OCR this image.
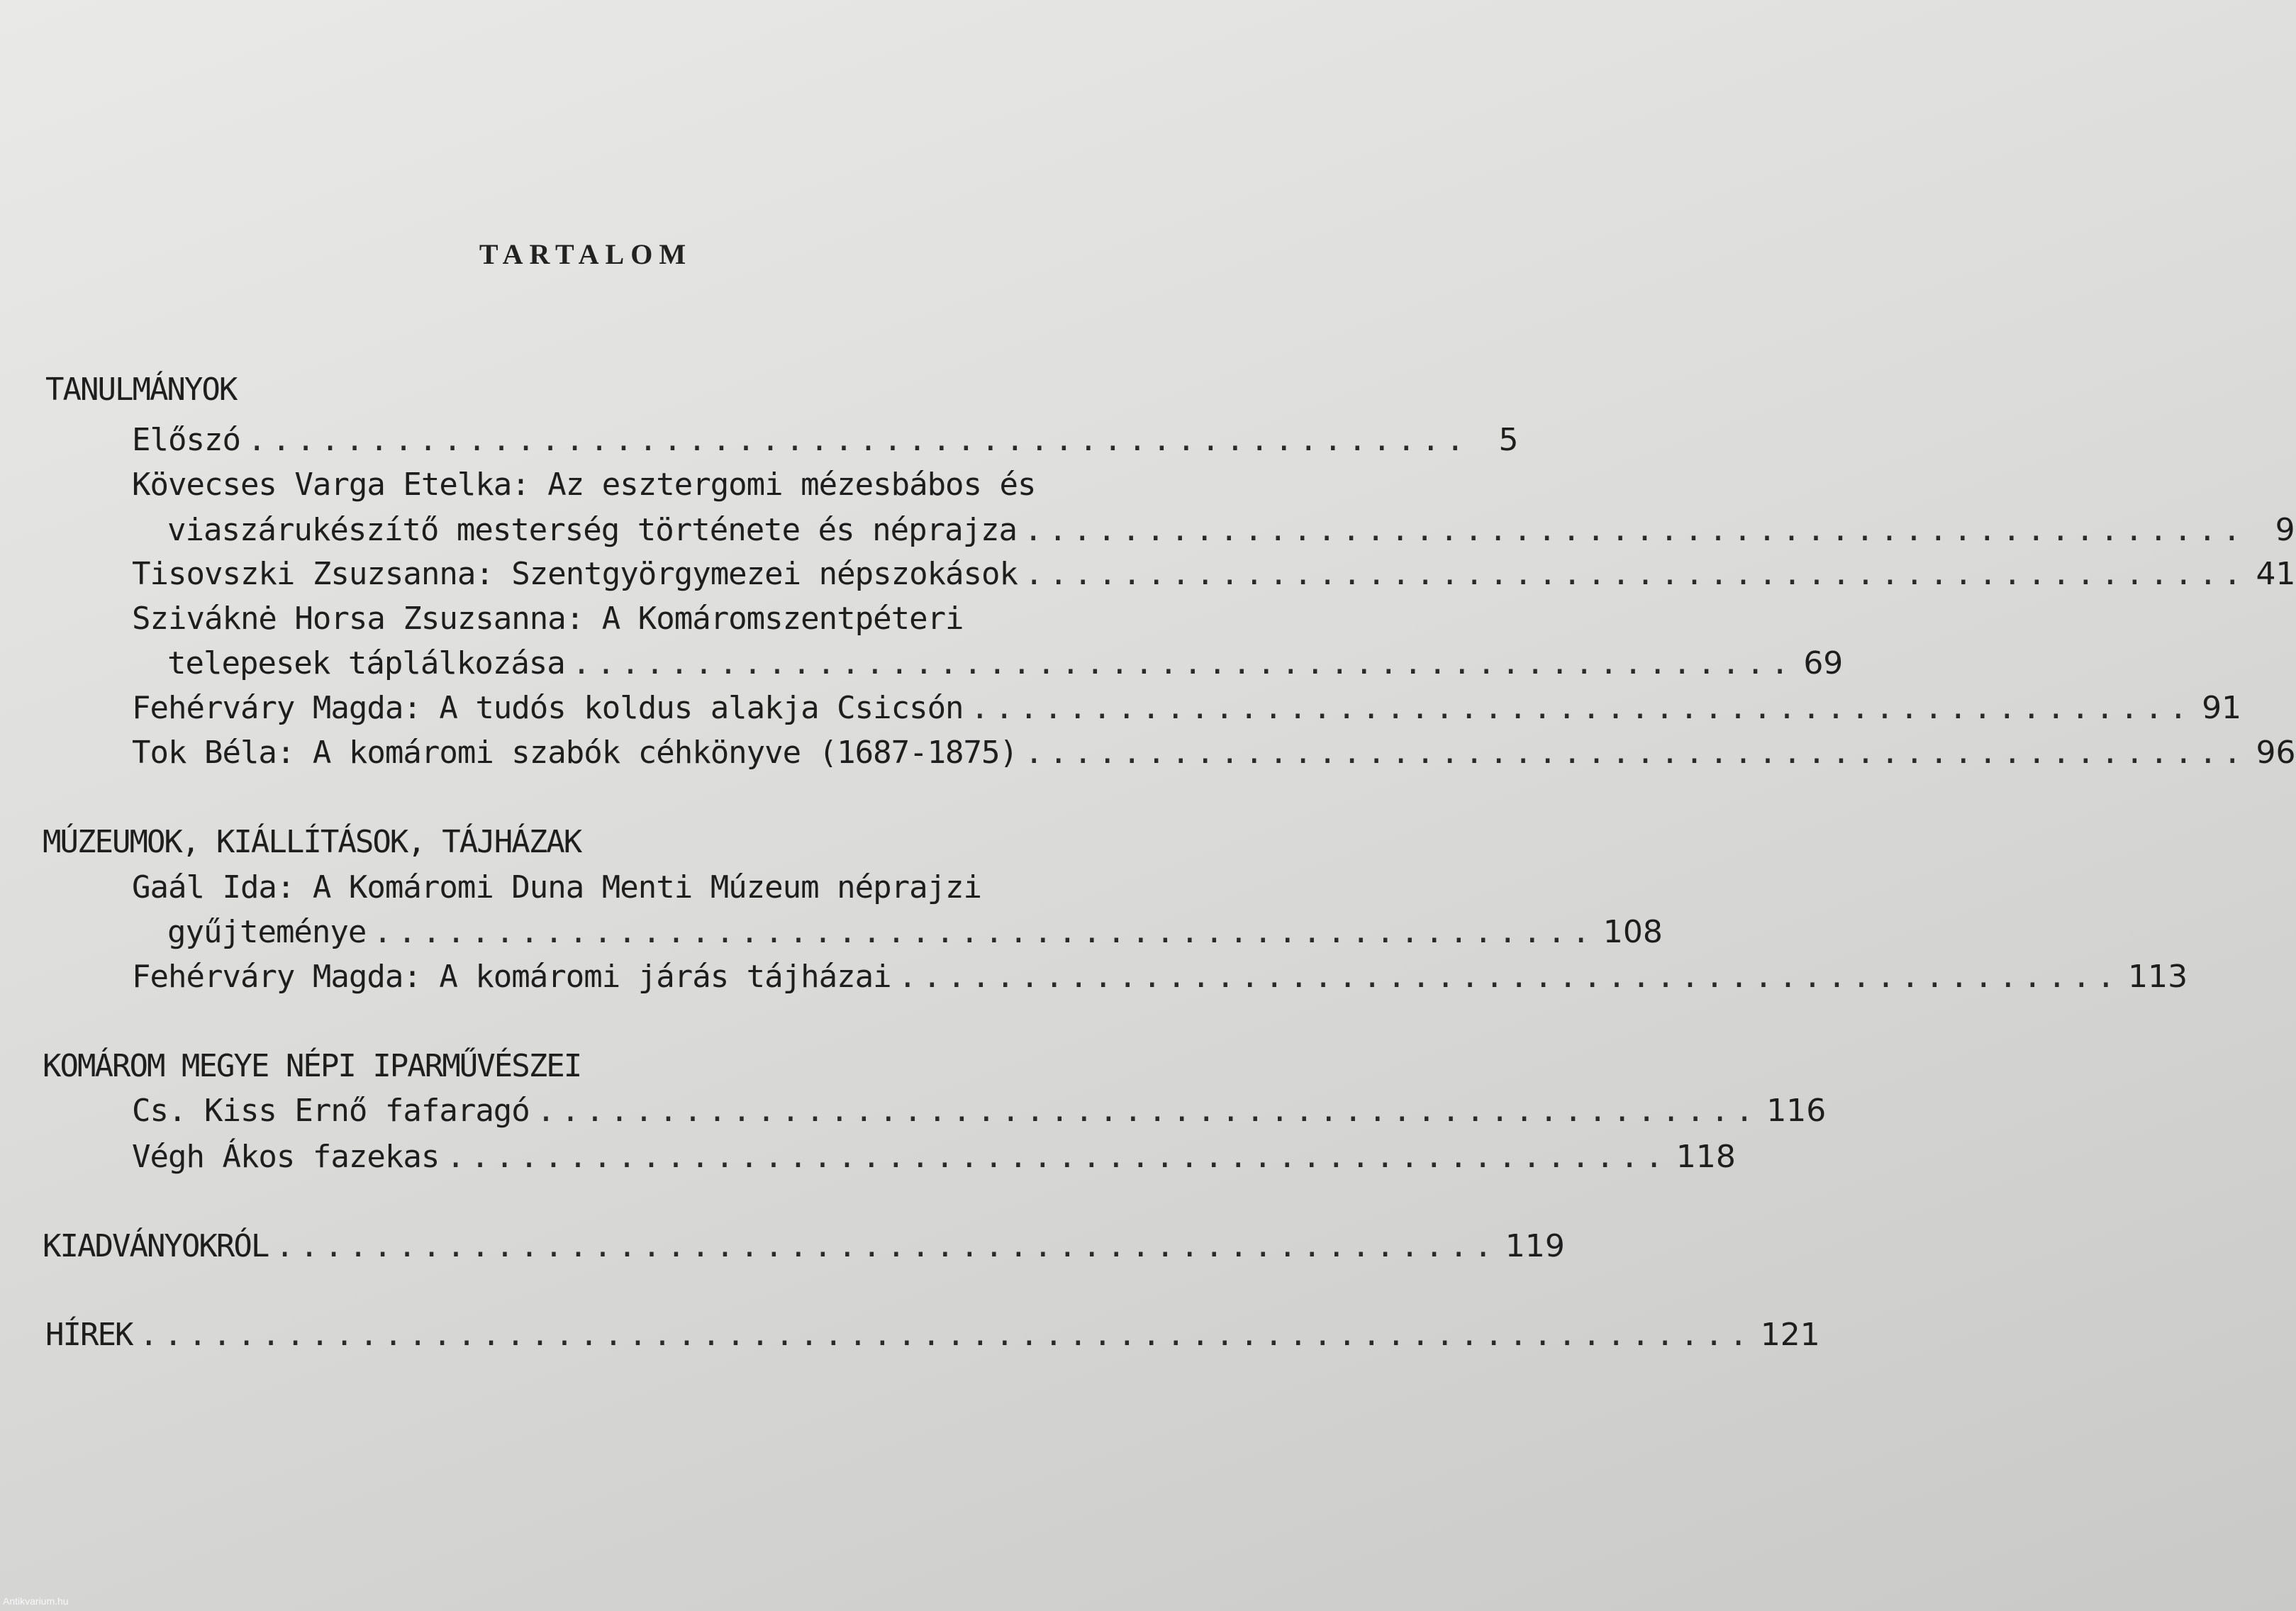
TARTALOM
TANULMÁNYOK
Előszó .................................................. 5
Kövecses Varga Etelka: Az esztergomi mézesbábos és
viaszárukészítő mesterség története és néprajza .................................................. 9
Tisovszki Zsuzsanna: Szentgyörgymezei népszokások .................................................. 41
Sziváknė Horsa Zsuzsanna: A Komáromszentpéteri
telepesek táplálkozása .................................................. 69
Fehérváry Magda: A tudós koldus alakja Csicsón .................................................. 91
Tok Béla: A komáromi szabók céhkönyve (1687-1875) .................................................. 96
MÚZEUMOK, KIÁLLÍTÁSOK, TÁJHÁZAK
Gaál Ida: A Komáromi Duna Menti Múzeum néprajzi
gyűjteménye .................................................. 108
Fehérváry Magda: A komáromi járás tájházai .................................................. 113
KOMÁROM MEGYE NÉPI IPARMŰVÉSZEI
Cs. Kiss Ernő fafaragó .................................................. 116
Végh Ákos fazekas .................................................. 118
KIADVÁNYOKRÓL .................................................. 119
HÍREK .................................................................. 121
Antikvarium.hu
